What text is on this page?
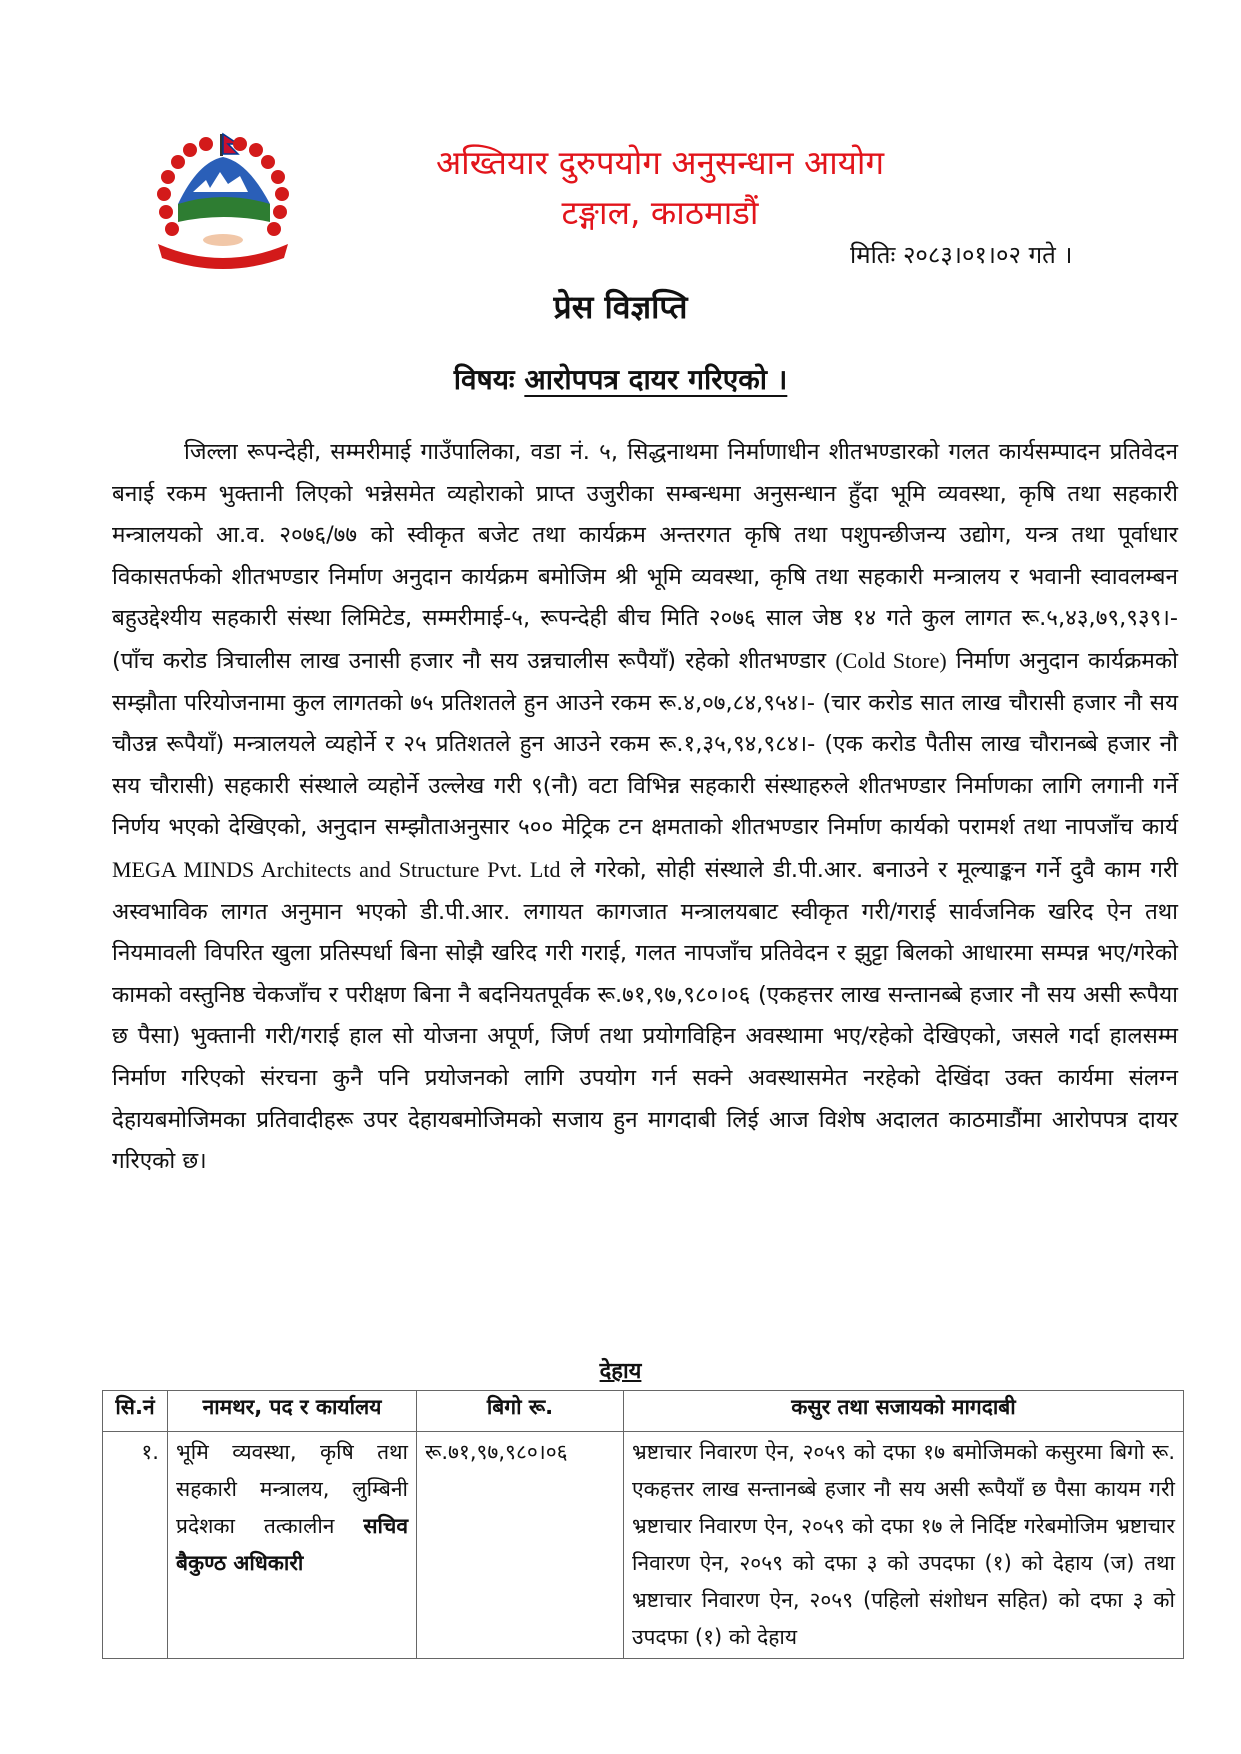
अख्तियार दुरुपयोग अनुसन्धान आयोग
टङ्गाल, काठमाडौं
मितिः २०८३।०१।०२ गते ।
प्रेस विज्ञप्ति
विषयः आरोपपत्र दायर गरिएको ।
जिल्ला रूपन्देही, सम्मरीमाई गाउँपालिका, वडा नं. ५, सिद्धनाथमा निर्माणाधीन शीतभण्डारको गलत कार्यसम्पादन प्रतिवेदन बनाई रकम भुक्तानी लिएको भन्नेसमेत व्यहोराको प्राप्त उजुरीका सम्बन्धमा अनुसन्धान हुँदा भूमि व्यवस्था, कृषि तथा सहकारी मन्त्रालयको आ.व. २०७६/७७ को स्वीकृत बजेट तथा कार्यक्रम अन्तरगत कृषि तथा पशुपन्छीजन्य उद्योग, यन्त्र तथा पूर्वाधार विकासतर्फको शीतभण्डार निर्माण अनुदान कार्यक्रम बमोजिम श्री भूमि व्यवस्था, कृषि तथा सहकारी मन्त्रालय र भवानी स्वावलम्बन बहुउद्देश्यीय सहकारी संस्था लिमिटेड, सम्मरीमाई-५, रूपन्देही बीच मिति २०७६ साल जेष्ठ १४ गते कुल लागत रू.५,४३,७९,९३९।- (पाँच करोड त्रिचालीस लाख उनासी हजार नौ सय उन्नचालीस रूपैयाँ) रहेको शीतभण्डार (Cold Store) निर्माण अनुदान कार्यक्रमको सम्झौता परियोजनामा कुल लागतको ७५ प्रतिशतले हुन आउने रकम रू.४,०७,८४,९५४।- (चार करोड सात लाख चौरासी हजार नौ सय चौउन्न रूपैयाँ) मन्त्रालयले व्यहोर्ने र २५ प्रतिशतले हुन आउने रकम रू.१,३५,९४,९८४।- (एक करोड पैतीस लाख चौरानब्बे हजार नौ सय चौरासी) सहकारी संस्थाले व्यहोर्ने उल्लेख गरी ९(नौ) वटा विभिन्न सहकारी संस्थाहरुले शीतभण्डार निर्माणका लागि लगानी गर्ने निर्णय भएको देखिएको, अनुदान सम्झौताअनुसार ५०० मेट्रिक टन क्षमताको शीतभण्डार निर्माण कार्यको परामर्श तथा नापजाँच कार्य MEGA MINDS Architects and Structure Pvt. Ltd ले गरेको, सोही संस्थाले डी.पी.आर. बनाउने र मूल्याङ्कन गर्ने दुवै काम गरी अस्वभाविक लागत अनुमान भएको डी.पी.आर. लगायत कागजात मन्त्रालयबाट स्वीकृत गरी/गराई सार्वजनिक खरिद ऐन तथा नियमावली विपरित खुला प्रतिस्पर्धा बिना सोझै खरिद गरी गराई, गलत नापजाँच प्रतिवेदन र झुट्टा बिलको आधारमा सम्पन्न भए/गरेको कामको वस्तुनिष्ठ चेकजाँच र परीक्षण बिना नै बदनियतपूर्वक रू.७१,९७,९८०।०६ (एकहत्तर लाख सन्तानब्बे हजार नौ सय असी रूपैया छ पैसा) भुक्तानी गरी/गराई हाल सो योजना अपूर्ण, जिर्ण तथा प्रयोगविहिन अवस्थामा भए/रहेको देखिएको, जसले गर्दा हालसम्म निर्माण गरिएको संरचना कुनै पनि प्रयोजनको लागि उपयोग गर्न सक्ने अवस्थासमेत नरहेको देखिंदा उक्त कार्यमा संलग्न देहायबमोजिमका प्रतिवादीहरू उपर देहायबमोजिमको सजाय हुन मागदाबी लिई आज विशेष अदालत काठमाडौंमा आरोपपत्र दायर गरिएको छ।
देहाय
सि.नं	नामथर, पद र कार्यालय	बिगो रू.	कसुर तथा सजायको मागदाबी
१.	भूमि व्यवस्था, कृषि तथा सहकारी मन्त्रालय, लुम्बिनी प्रदेशका तत्कालीन सचिव बैकुण्ठ अधिकारी	रू.७१,९७,९८०।०६	भ्रष्टाचार निवारण ऐन, २०५९ को दफा १७ बमोजिमको कसुरमा बिगो रू. एकहत्तर लाख सन्तानब्बे हजार नौ सय असी रूपैयाँ छ पैसा कायम गरी भ्रष्टाचार निवारण ऐन, २०५९ को दफा १७ ले निर्दिष्ट गरेबमोजिम भ्रष्टाचार निवारण ऐन, २०५९ को दफा ३ को उपदफा (१) को देहाय (ज) तथा भ्रष्टाचार निवारण ऐन, २०५९ (पहिलो संशोधन सहित) को दफा ३ को उपदफा (१) को देहाय
